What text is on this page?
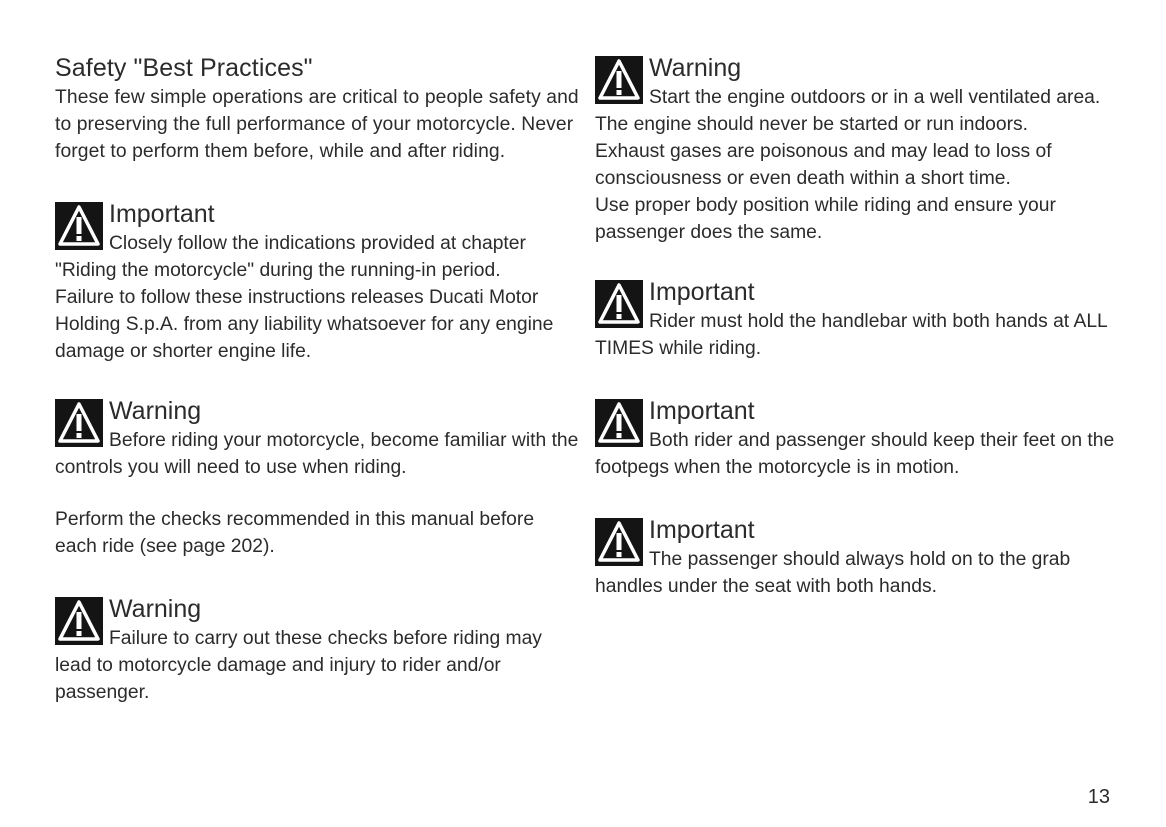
Safety "Best Practices"

These few simple operations are critical to people safety and to preserving the full performance of your motorcycle. Never forget to perform them before, while and after riding.

Important

Closely follow the indications provided at chapter "Riding the motorcycle" during the running-in period.

Failure to follow these instructions releases Ducati Motor Holding S.p.A. from any liability whatsoever for any engine damage or shorter engine life.

Warning

Before riding your motorcycle, become familiar with the controls you will need to use when riding.

Perform the checks recommended in this manual before each ride (see page 202).

Warning

Failure to carry out these checks before riding may lead to motorcycle damage and injury to rider and/or passenger.

Warning

Start the engine outdoors or in a well ventilated area. The engine should never be started or run indoors.

Exhaust gases are poisonous and may lead to loss of consciousness or even death within a short time.

Use proper body position while riding and ensure your passenger does the same.

Important

Rider must hold the handlebar with both hands at ALL TIMES while riding.

Important

Both rider and passenger should keep their feet on the footpegs when the motorcycle is in motion.

Important

The passenger should always hold on to the grab handles under the seat with both hands.

13
